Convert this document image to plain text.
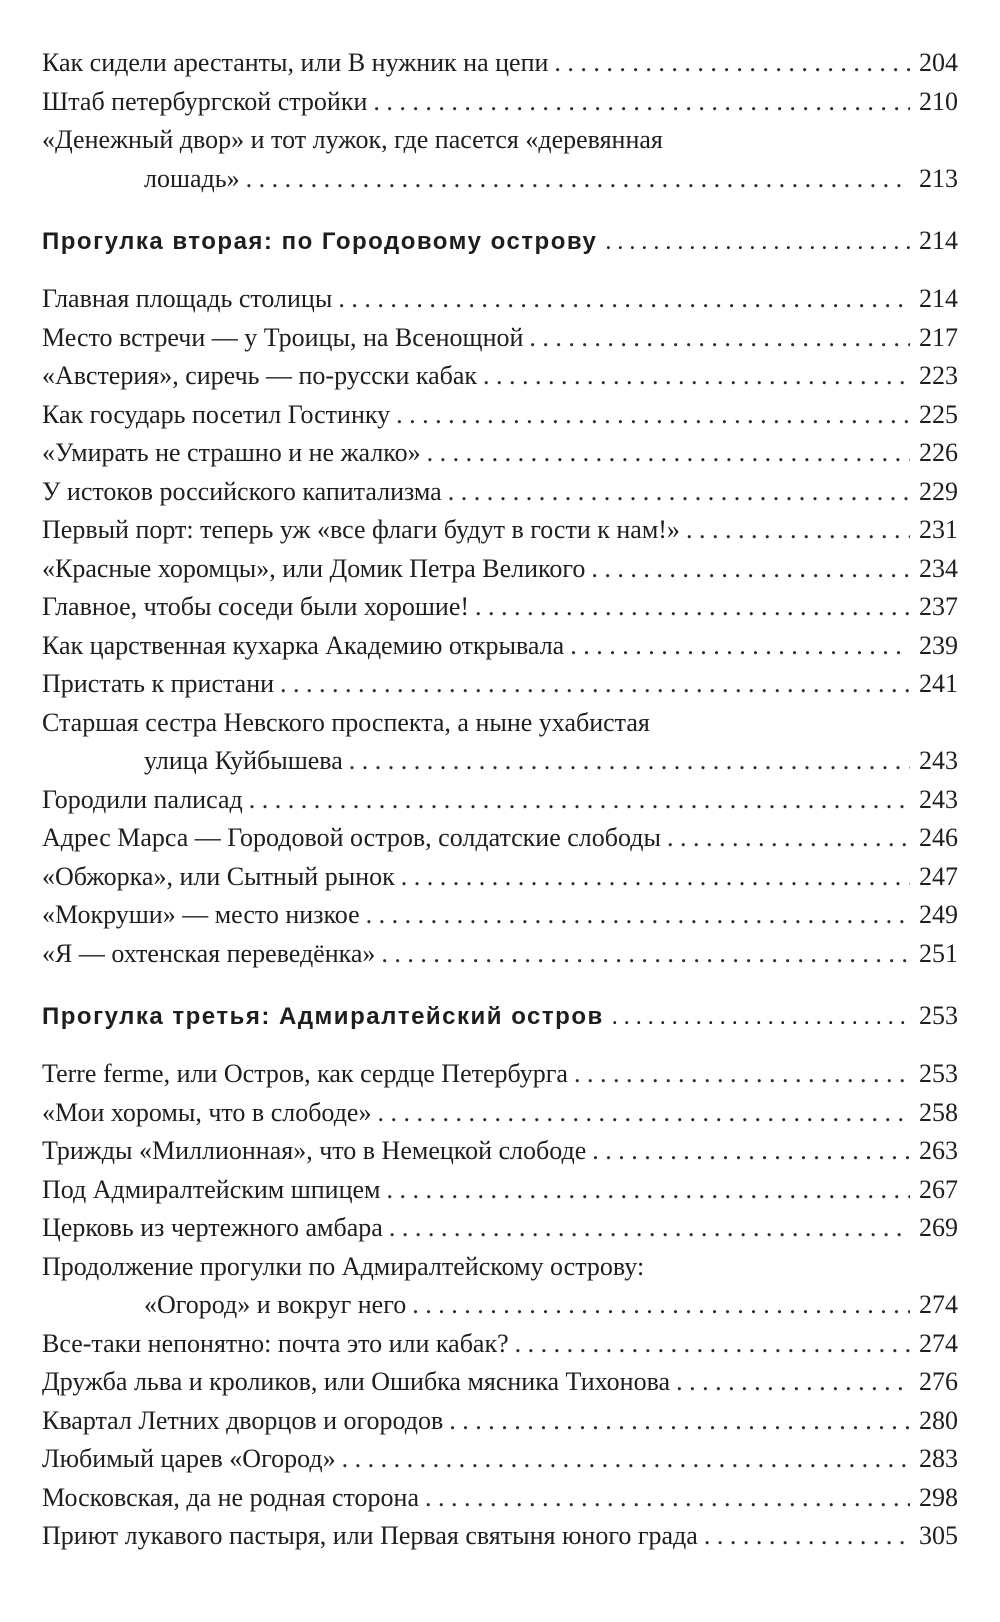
Как сидели арестанты, или В нужник на цепи . . .	204
Штаб петербургской стройки . . .	210
«Денежный двор» и тот лужок, где пасется «деревянная
лошадь» . . .	213
Прогулка вторая: по Городовому острову . . .	214
Главная площадь столицы . . .	214
Место встречи — у Троицы, на Всенощной . . .	217
«Австерия», сиречь — по-русски кабак . . .	223
Как государь посетил Гостинку . . .	225
«Умирать не страшно и не жалко» . . .	226
У истоков российского капитализма . . .	229
Первый порт: теперь уж «все флаги будут в гости к нам!» . . .	231
«Красные хоромцы», или Домик Петра Великого . . .	234
Главное, чтобы соседи были хорошие! . . .	237
Как царственная кухарка Академию открывала . . .	239
Пристать к пристани . . .	241
Старшая сестра Невского проспекта, а ныне ухабистая
улица Куйбышева . . .	243
Городили палисад . . .	243
Адрес Марса — Городовой остров, солдатские слободы . . .	246
«Обжорка», или Сытный рынок . . .	247
«Мокруши» — место низкое . . .	249
«Я — охтенская переведёнка» . . .	251
Прогулка третья: Адмиралтейский остров . . .	253
Terre ferme, или Остров, как сердце Петербурга . . .	253
«Мои хоромы, что в слободе» . . .	258
Трижды «Миллионная», что в Немецкой слободе . . .	263
Под Адмиралтейским шпицем . . .	267
Церковь из чертежного амбара . . .	269
Продолжение прогулки по Адмиралтейскому острову:
«Огород» и вокруг него . . .	274
Все-таки непонятно: почта это или кабак? . . .	274
Дружба льва и кроликов, или Ошибка мясника Тихонова . . .	276
Квартал Летних дворцов и огородов . . .	280
Любимый царев «Огород» . . .	283
Московская, да не родная сторона . . .	298
Приют лукавого пастыря, или Первая святыня юного града . . .	305
